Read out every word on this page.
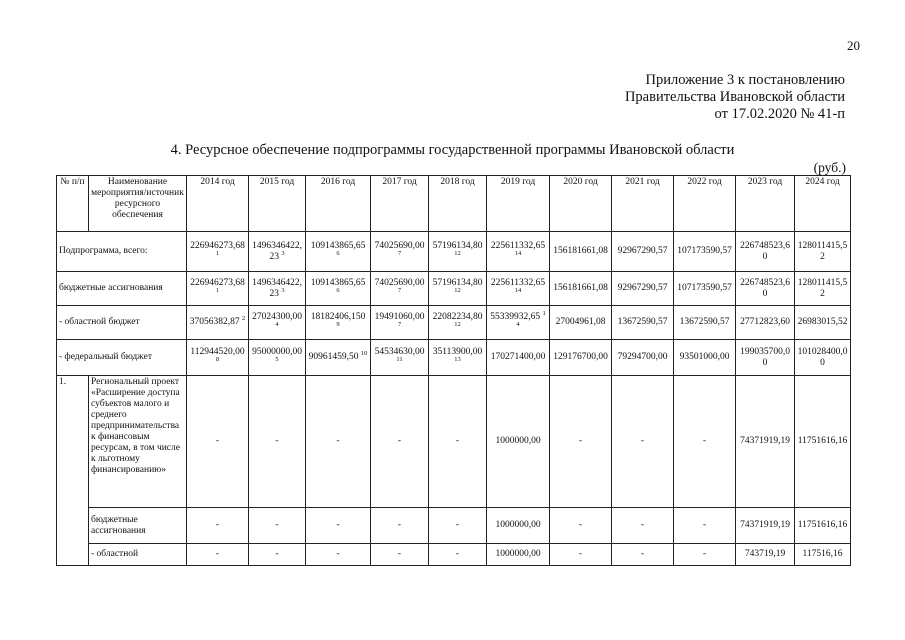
20
Приложение 3 к постановлению
Правительства Ивановской области
от 17.02.2020 № 41-п
4. Ресурсное обеспечение подпрограммы государственной программы Ивановской области
(руб.)
№ п/п	Наименование мероприятия/источник ресурсного обеспечения	2014 год	2015 год	2016 год	2017 год	2018 год	2019 год	2020 год	2021 год	2022 год	2023 год	2024 год
Подпрограмма, всего:		226946273,68 $^1$	1496346422,23 $^3$	109143865,65 $^6$	74025690,00 $^7$	57196134,80 $^{12}$	225611332,65 $^{14}$	156181661,08	92967290,57	107173590,57	226748523,60	128011415,52
бюджетные ассигнования		226946273,68 $^1$	1496346422,23 $^3$	109143865,65 $^6$	74025690,00 $^7$	57196134,80 $^{12}$	225611332,65 $^{14}$	156181661,08	92967290,57	107173590,57	226748523,60	128011415,52
- областной бюджет		37056382,87 $^2$	27024300,00 $^4$	18182406,150 $^9$	19491060,00 $^7$	22082234,80 $^{12}$	55339932,65 $^{14}$	27004961,08	13672590,57	13672590,57	27712823,60	26983015,52
- федеральный бюджет		112944520,00 $^8$	95000000,00 $^5$	90961459,50 $^{10}$	54534630,00 $^{11}$	35113900,00 $^{13}$	170271400,00	129176700,00	79294700,00	93501000,00	199035700,00	101028400,00
1.	Региональный проект «Расширение доступа субъектов малого и среднего предпринимательства к финансовым ресурсам, в том числе к льготному финансированию»	-	-	-	-	-	1000000,00	-	-	-	74371919,19	11751616,16
	бюджетные ассигнования	-	-	-	-	-	1000000,00	-	-	-	74371919,19	11751616,16
	- областной	-	-	-	-	-	1000000,00	-	-	-	743719,19	117516,16
